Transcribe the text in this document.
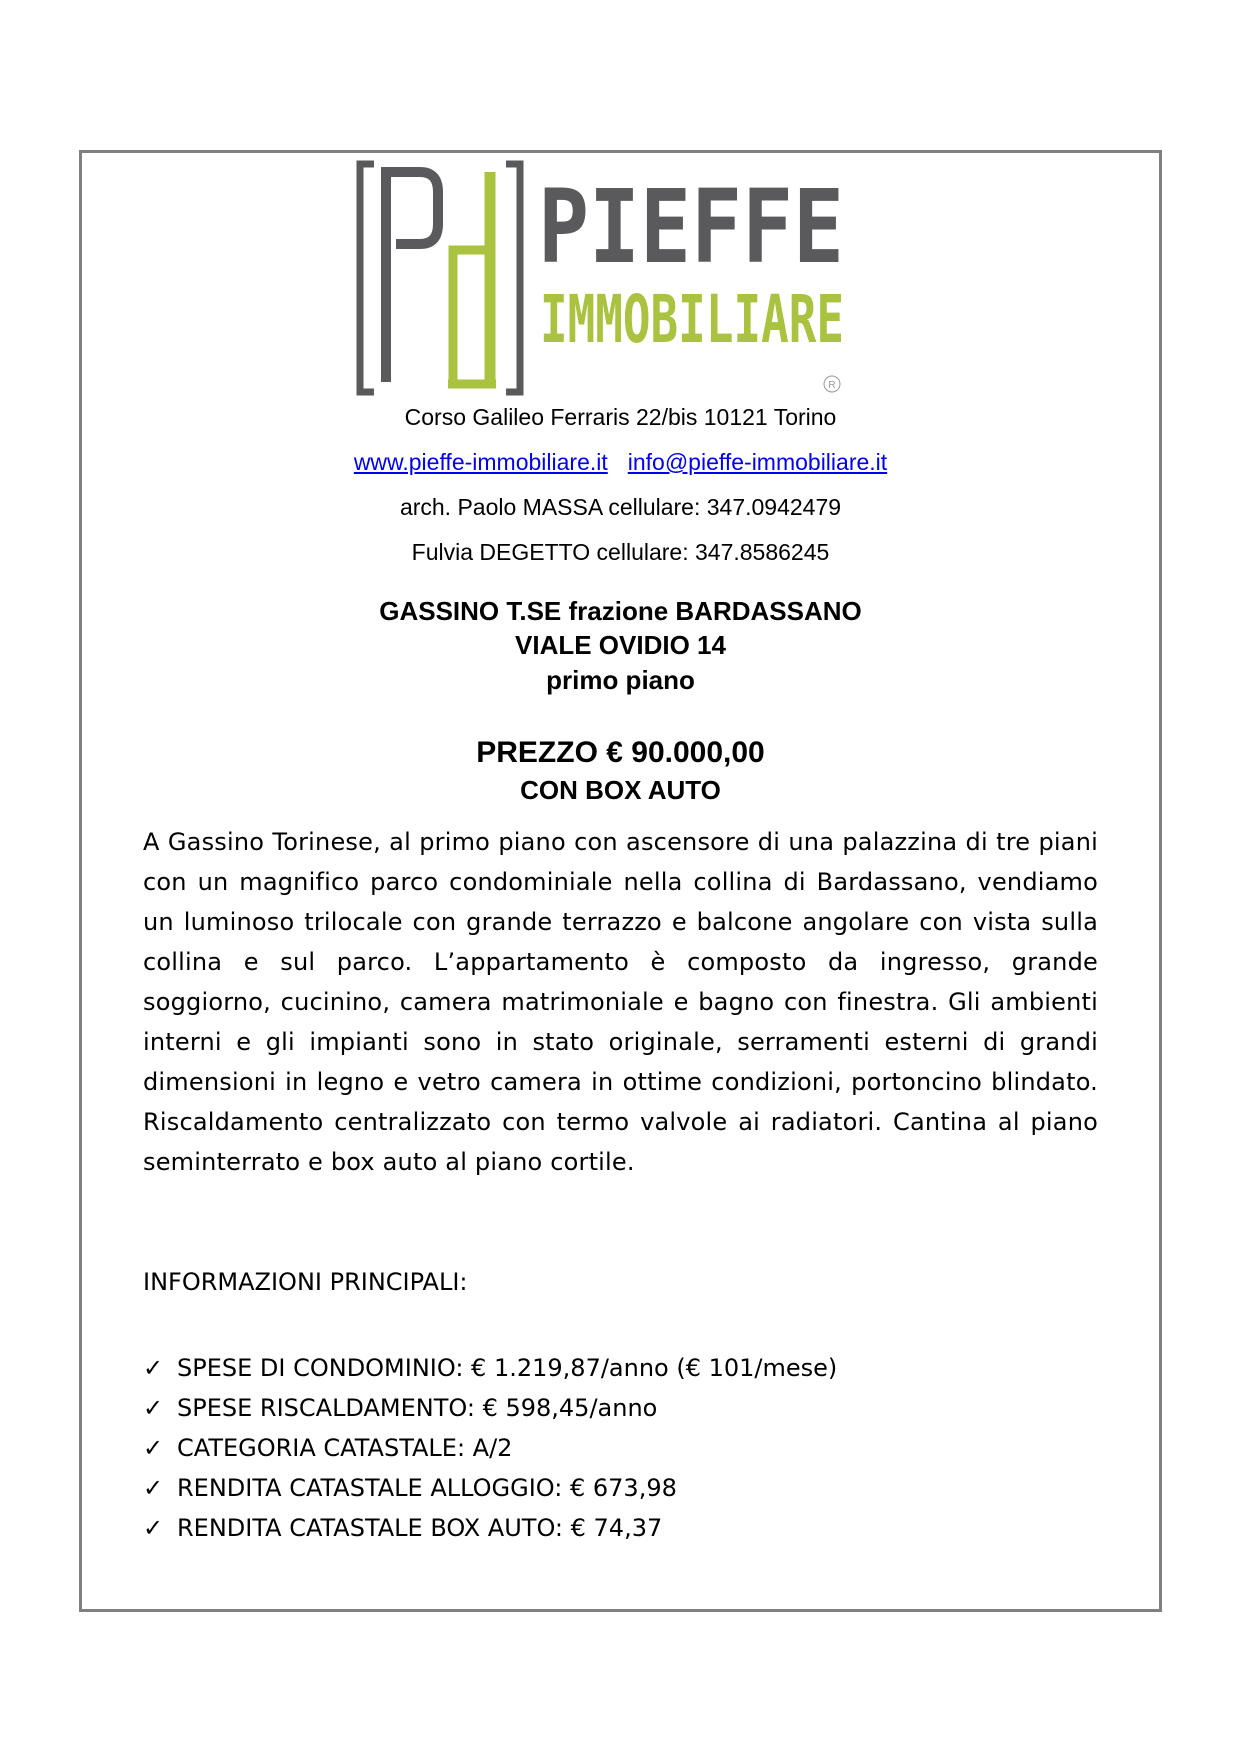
PIEFFE
IMMOBILIARE
R
Corso Galileo Ferraris 22/bis 10121 Torino
www.pieffe-immobiliare.it info@pieffe-immobiliare.it
arch. Paolo MASSA cellulare: 347.0942479
Fulvia DEGETTO cellulare: 347.8586245
GASSINO T.SE frazione BARDASSANO
VIALE OVIDIO 14
primo piano
PREZZO € 90.000,00
CON BOX AUTO
A Gassino Torinese, al primo piano con ascensore di una palazzina di tre piani con un magnifico parco condominiale nella collina di Bardassano, vendiamo un luminoso trilocale con grande terrazzo e balcone angolare con vista sulla collina e sul parco. L’appartamento è composto da ingresso, grande soggiorno, cucinino, camera matrimoniale e bagno con finestra. Gli ambienti interni e gli impianti sono in stato originale, serramenti esterni di grandi dimensioni in legno e vetro camera in ottime condizioni, portoncino blindato. Riscaldamento centralizzato con termo valvole ai radiatori. Cantina al piano seminterrato e box auto al piano cortile.
INFORMAZIONI PRINCIPALI:
✓ SPESE DI CONDOMINIO: € 1.219,87/anno (€ 101/mese)
✓ SPESE RISCALDAMENTO: € 598,45/anno
✓ CATEGORIA CATASTALE: A/2
✓ RENDITA CATASTALE ALLOGGIO: € 673,98
✓ RENDITA CATASTALE BOX AUTO: € 74,37
